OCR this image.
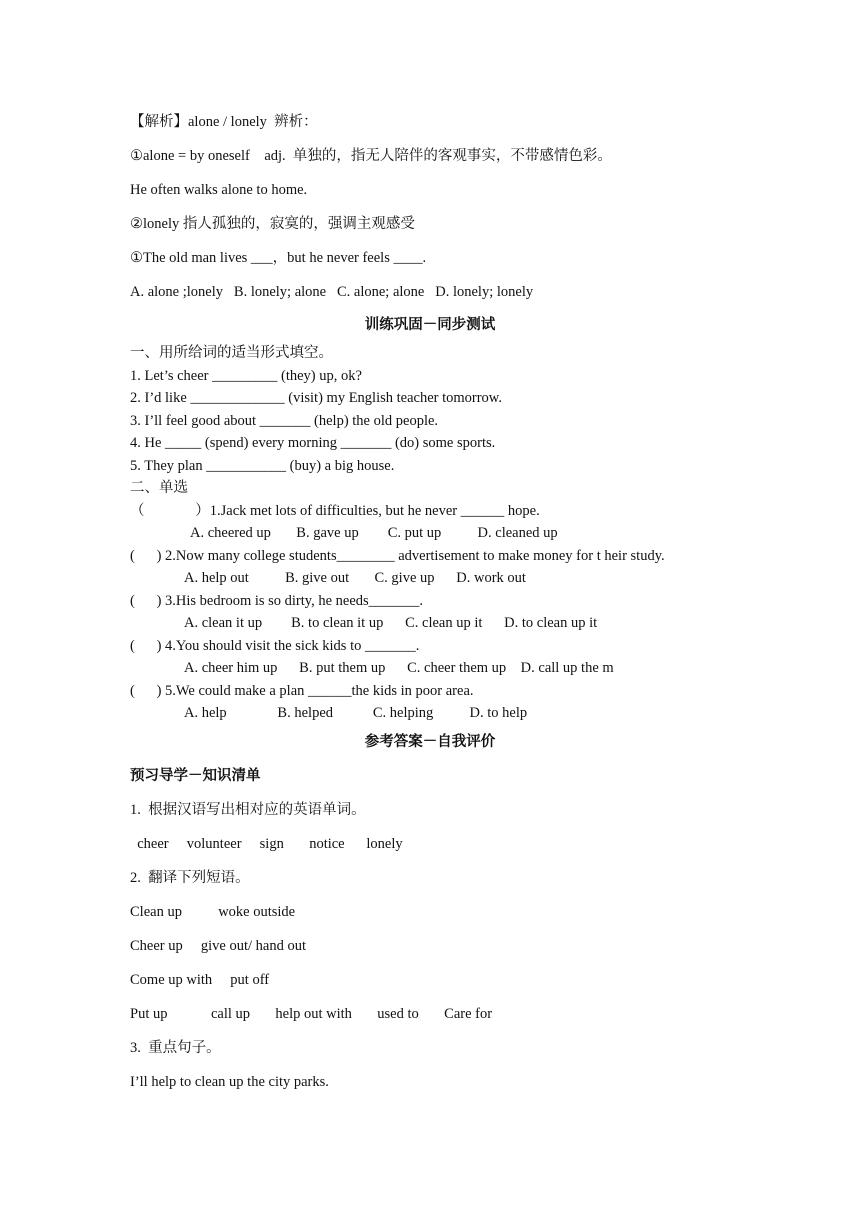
【解析】alone / lonely  辨析：
①alone = by oneself    adj.  单独的，指无人陪伴的客观事实，不带感情色彩。
He often walks alone to home.
②lonely 指人孤独的，寂寞的，强调主观感受
①The old man lives ___，but he never feels ____.
A. alone ;lonely   B. lonely; alone   C. alone; alone   D. lonely; lonely
训练巩固－同步测试
一、用所给词的适当形式填空。
1. Let’s cheer _________ (they) up, ok?
2. I’d like _____________ (visit) my English teacher tomorrow.
3. I’ll feel good about _______ (help) the old people.
4. He _____ (spend) every morning _______ (do) some sports.
5. They plan ___________ (buy) a big house.
二、单选
（              ）1.Jack met lots of difficulties, but he never ______ hope.
A. cheered up       B. gave up        C. put up          D. cleaned up
(      ) 2.Now many college students________ advertisement to make money for t heir study.
A. help out          B. give out       C. give up      D. work out
(      ) 3.His bedroom is so dirty, he needs_______.
A. clean it up        B. to clean it up      C. clean up it      D. to clean up it
(      ) 4.You should visit the sick kids to _______.
A. cheer him up      B. put them up      C. cheer them up    D. call up the m
(      ) 5.We could make a plan ______the kids in poor area.
A. help              B. helped           C. helping          D. to help
参考答案－自我评价
预习导学－知识清单
1.  根据汉语写出相对应的英语单词。
cheer     volunteer     sign       notice      lonely
2.  翻译下列短语。
Clean up          woke outside
Cheer up     give out/ hand out
Come up with     put off
Put up            call up       help out with       used to       Care for
3.  重点句子。
I’ll help to clean up the city parks.
